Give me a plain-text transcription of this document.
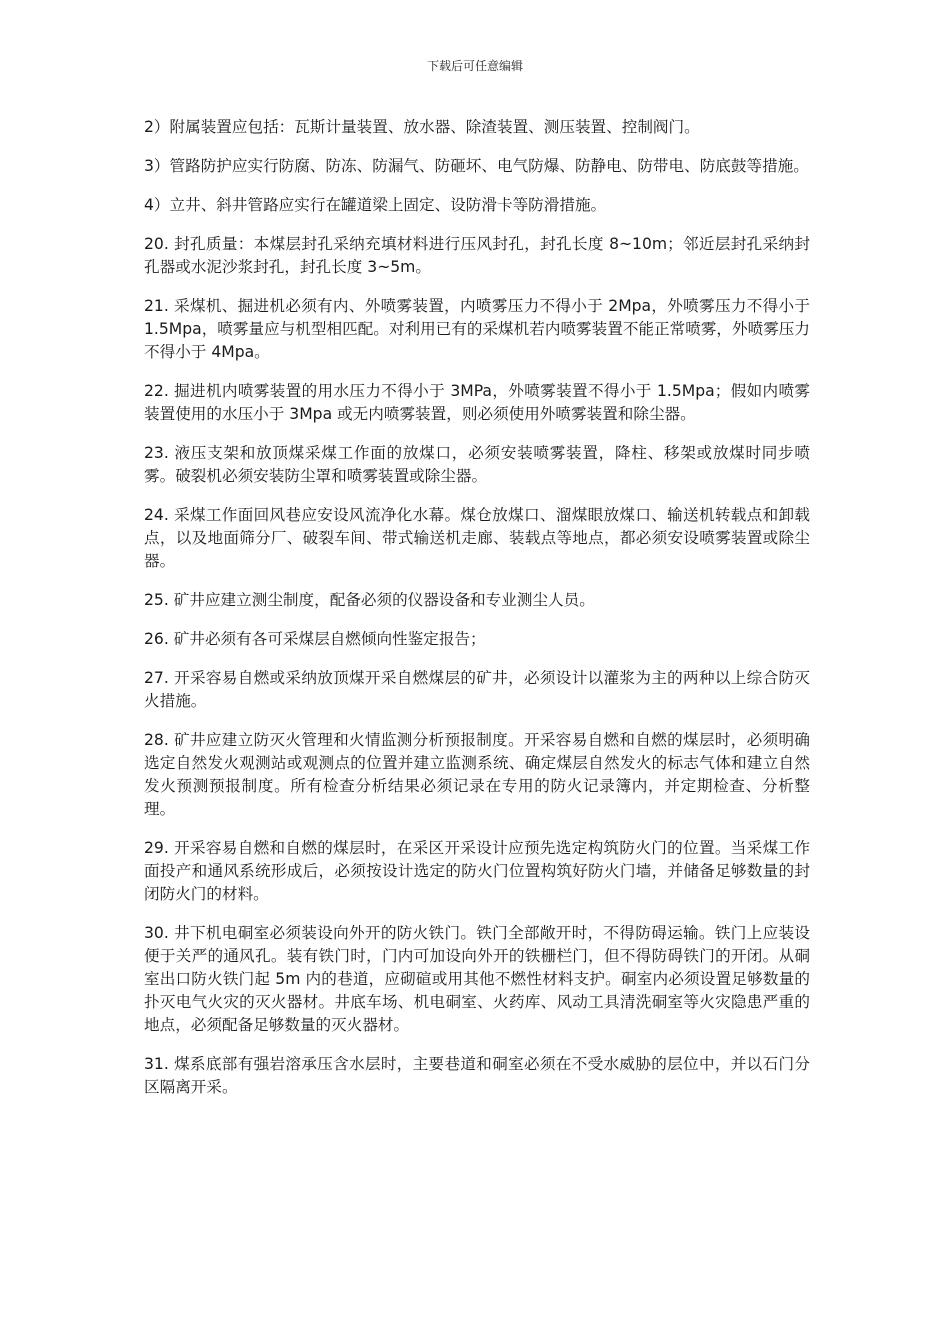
下载后可任意编辑

2）附属装置应包括：瓦斯计量装置、放水器、除渣装置、测压装置、控制阀门。

3）管路防护应实行防腐、防冻、防漏气、防砸坏、电气防爆、防静电、防带电、防底鼓等措施。

4）立井、斜井管路应实行在罐道梁上固定、设防滑卡等防滑措施。

20. 封孔质量：本煤层封孔采纳充填材料进行压风封孔，封孔长度 8~10m；邻近层封孔采纳封孔器或水泥沙浆封孔，封孔长度 3~5m。

21. 采煤机、掘进机必须有内、外喷雾装置，内喷雾压力不得小于 2Mpa，外喷雾压力不得小于 1.5Mpa，喷雾量应与机型相匹配。对利用已有的采煤机若内喷雾装置不能正常喷雾，外喷雾压力不得小于 4Mpa。

22. 掘进机内喷雾装置的用水压力不得小于 3MPa，外喷雾装置不得小于 1.5Mpa；假如内喷雾装置使用的水压小于 3Mpa 或无内喷雾装置，则必须使用外喷雾装置和除尘器。

23. 液压支架和放顶煤采煤工作面的放煤口，必须安装喷雾装置，降柱、移架或放煤时同步喷雾。破裂机必须安装防尘罩和喷雾装置或除尘器。

24. 采煤工作面回风巷应安设风流净化水幕。煤仓放煤口、溜煤眼放煤口、输送机转载点和卸载点，以及地面筛分厂、破裂车间、带式输送机走廊、装载点等地点，都必须安设喷雾装置或除尘器。

25. 矿井应建立测尘制度，配备必须的仪器设备和专业测尘人员。

26. 矿井必须有各可采煤层自燃倾向性鉴定报告；

27. 开采容易自燃或采纳放顶煤开采自燃煤层的矿井，必须设计以灌浆为主的两种以上综合防灭火措施。

28. 矿井应建立防灭火管理和火情监测分析预报制度。开采容易自燃和自燃的煤层时，必须明确选定自然发火观测站或观测点的位置并建立监测系统、确定煤层自然发火的标志气体和建立自然发火预测预报制度。所有检查分析结果必须记录在专用的防火记录簿内，并定期检查、分析整理。

29. 开采容易自燃和自燃的煤层时，在采区开采设计应预先选定构筑防火门的位置。当采煤工作面投产和通风系统形成后，必须按设计选定的防火门位置构筑好防火门墙，并储备足够数量的封闭防火门的材料。

30. 井下机电硐室必须装设向外开的防火铁门。铁门全部敞开时，不得防碍运输。铁门上应装设便于关严的通风孔。装有铁门时，门内可加设向外开的铁栅栏门，但不得防碍铁门的开闭。从硐室出口防火铁门起 5m 内的巷道，应砌碹或用其他不燃性材料支护。硐室内必须设置足够数量的扑灭电气火灾的灭火器材。井底车场、机电硐室、火药库、风动工具清洗硐室等火灾隐患严重的地点，必须配备足够数量的灭火器材。

31. 煤系底部有强岩溶承压含水层时，主要巷道和硐室必须在不受水威胁的层位中，并以石门分区隔离开采。
